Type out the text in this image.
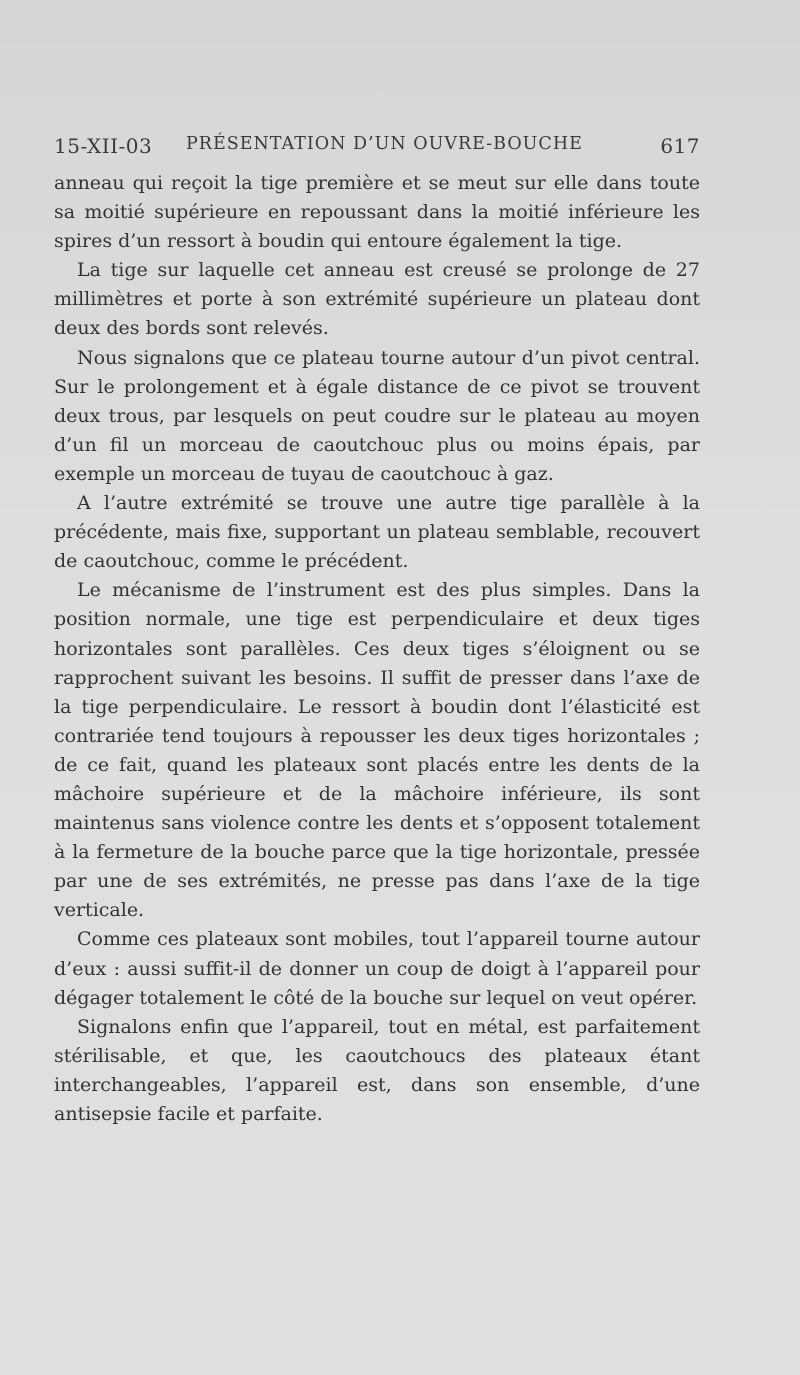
15-XII-03 PRÉSENTATION D’UN OUVRE-BOUCHE	617

anneau qui reçoit la tige première et se meut sur elle dans toute sa moitié supérieure en repoussant dans la moitié inférieure les spires d’un ressort à boudin qui entoure également la tige.

La tige sur laquelle cet anneau est creusé se prolonge de 27 millimètres et porte à son extrémité supérieure un plateau dont deux des bords sont relevés.

Nous signalons que ce plateau tourne autour d’un pivot central. Sur le prolongement et à égale distance de ce pivot se trouvent deux trous, par lesquels on peut coudre sur le plateau au moyen d’un fil un morceau de caoutchouc plus ou moins épais, par exemple un morceau de tuyau de caoutchouc à gaz.

A l’autre extrémité se trouve une autre tige parallèle à la précédente, mais fixe, supportant un plateau semblable, recouvert de caoutchouc, comme le précédent.

Le mécanisme de l’instrument est des plus simples. Dans la position normale, une tige est perpendiculaire et deux tiges horizontales sont parallèles. Ces deux tiges s’éloignent ou se rapprochent suivant les besoins. Il suffit de presser dans l’axe de la tige perpendiculaire. Le ressort à boudin dont l’élasticité est contrariée tend toujours à repousser les deux tiges horizontales ; de ce fait, quand les plateaux sont placés entre les dents de la mâchoire supérieure et de la mâchoire inférieure, ils sont maintenus sans violence contre les dents et s’opposent totalement à la fermeture de la bouche parce que la tige horizontale, pressée par une de ses extrémités, ne presse pas dans l’axe de la tige verticale.

Comme ces plateaux sont mobiles, tout l’appareil tourne autour d’eux : aussi suffit-il de donner un coup de doigt à l’appareil pour dégager totalement le côté de la bouche sur lequel on veut opérer.

Signalons enfin que l’appareil, tout en métal, est parfaitement stérilisable, et que, les caoutchoucs des plateaux étant interchangeables, l’appareil est, dans son ensemble, d’une antisepsie facile et parfaite.
